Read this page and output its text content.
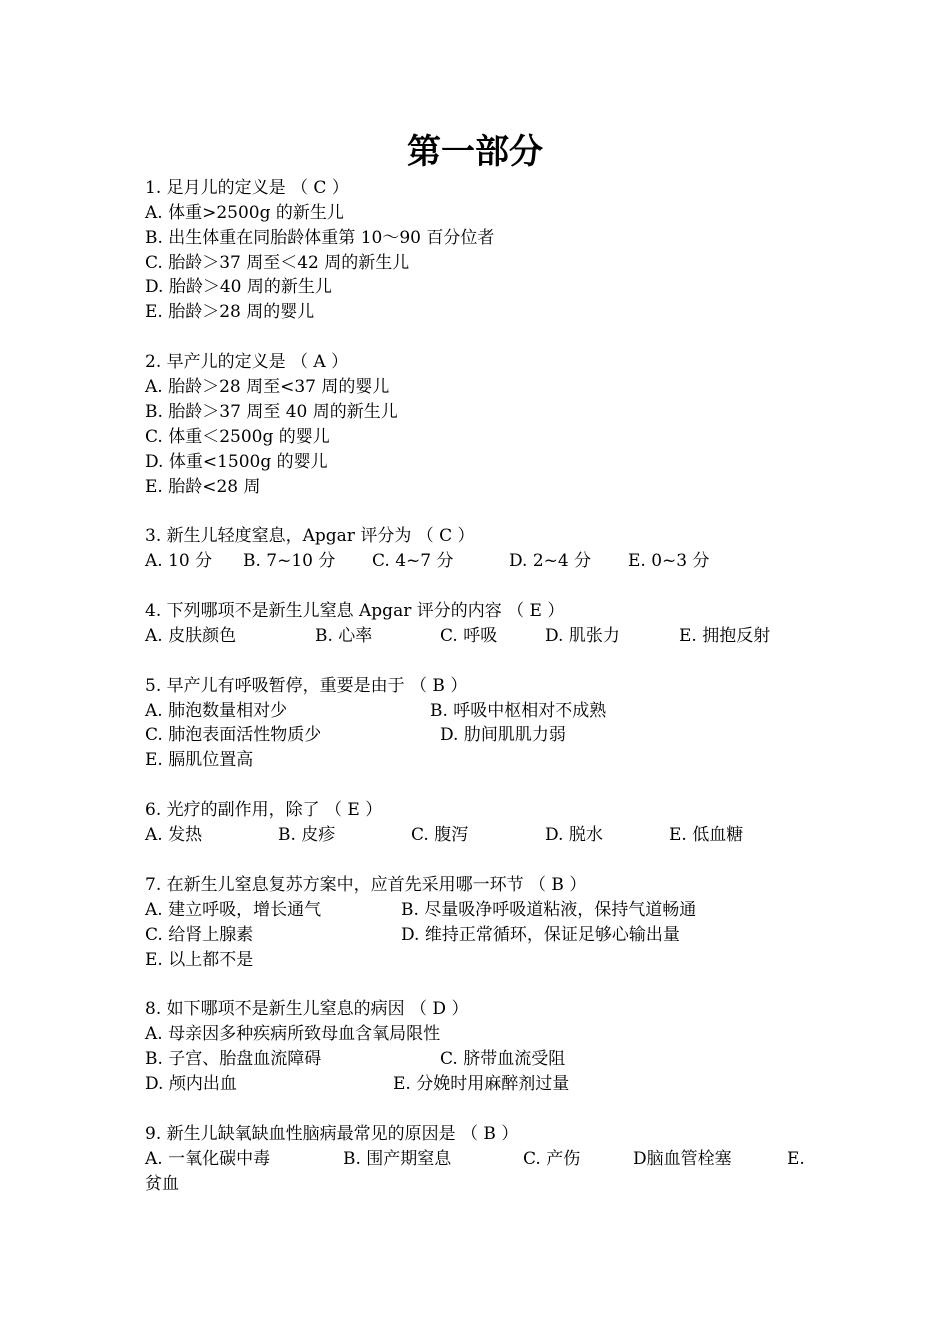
第一部分
1. 足月儿的定义是 （ C ）
A. 体重>2500g 的新生儿
B. 出生体重在同胎龄体重第 10～90 百分位者
C. 胎龄＞37 周至＜42 周的新生儿
D. 胎龄＞40 周的新生儿
E. 胎龄＞28 周的婴儿
2. 早产儿的定义是 （ A ）
A. 胎龄＞28 周至<37 周的婴儿
B. 胎龄＞37 周至 40 周的新生儿
C. 体重＜2500g 的婴儿
D. 体重<1500g 的婴儿
E. 胎龄<28 周
3. 新生儿轻度窒息，Apgar 评分为 （ C ）
A. 10 分 B. 7~10 分 C. 4~7 分	D. 2~4 分 E. 0~3 分
4. 下列哪项不是新生儿窒息 Apgar 评分的内容 （ E ）
A. 皮肤颜色	B. 心率	C. 呼吸	D. 肌张力	E. 拥抱反射
5. 早产儿有呼吸暂停，重要是由于 （ B ）
A. 肺泡数量相对少	B. 呼吸中枢相对不成熟
C. 肺泡表面活性物质少	D. 肋间肌肌力弱
E. 膈肌位置高
6. 光疗的副作用，除了 （ E ）
A. 发热	B. 皮疹	C. 腹泻	D. 脱水	E. 低血糖
7. 在新生儿窒息复苏方案中，应首先采用哪一环节 （ B ）
A. 建立呼吸，增长通气	B. 尽量吸净呼吸道粘液，保持气道畅通
C. 给肾上腺素	D. 维持正常循环，保证足够心输出量
E. 以上都不是
8. 如下哪项不是新生儿窒息的病因 （ D ）
A. 母亲因多种疾病所致母血含氧局限性
B. 子宫、胎盘血流障碍	C. 脐带血流受阻
D. 颅内出血	E. 分娩时用麻醉剂过量
9. 新生儿缺氧缺血性脑病最常见的原因是 （ B ）
A. 一氧化碳中毒	B. 围产期窒息	C. 产伤	D脑血管栓塞	E.
贫血
